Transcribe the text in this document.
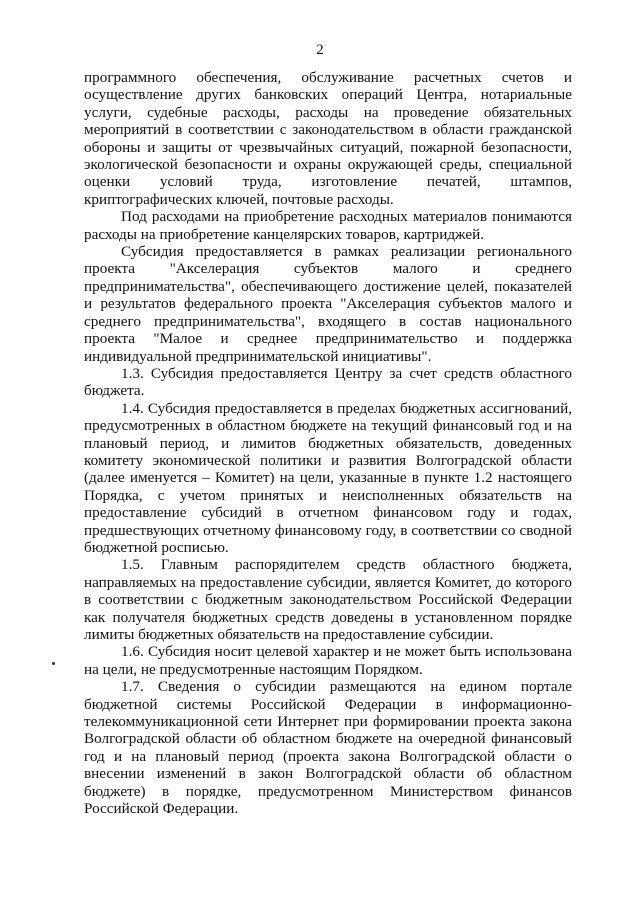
2

программного обеспечения, обслуживание расчетных счетов и осуществление других банковских операций Центра, нотариальные услуги, судебные расходы, расходы на проведение обязательных мероприятий в соответствии с законодательством в области гражданской обороны и защиты от чрезвычайных ситуаций, пожарной безопасности, экологической безопасности и охраны окружающей среды, специальной оценки условий труда, изготовление печатей, штампов, криптографических ключей, почтовые расходы.

Под расходами на приобретение расходных материалов понимаются расходы на приобретение канцелярских товаров, картриджей.

Субсидия предоставляется в рамках реализации регионального проекта "Акселерация субъектов малого и среднего предпринимательства", обеспечивающего достижение целей, показателей и результатов федерального проекта "Акселерация субъектов малого и среднего предпринимательства", входящего в состав национального проекта "Малое и среднее предпринимательство и поддержка индивидуальной предпринимательской инициативы".

1.3. Субсидия предоставляется Центру за счет средств областного бюджета.

1.4. Субсидия предоставляется в пределах бюджетных ассигнований, предусмотренных в областном бюджете на текущий финансовый год и на плановый период, и лимитов бюджетных обязательств, доведенных комитету экономической политики и развития Волгоградской области (далее именуется – Комитет) на цели, указанные в пункте 1.2 настоящего Порядка, с учетом принятых и неисполненных обязательств на предоставление субсидий в отчетном финансовом году и годах, предшествующих отчетному финансовому году, в соответствии со сводной бюджетной росписью.

1.5. Главным распорядителем средств областного бюджета, направляемых на предоставление субсидии, является Комитет, до которого в соответствии с бюджетным законодательством Российской Федерации как получателя бюджетных средств доведены в установленном порядке лимиты бюджетных обязательств на предоставление субсидии.

1.6. Субсидия носит целевой характер и не может быть использована на цели, не предусмотренные настоящим Порядком.

1.7. Сведения о субсидии размещаются на едином портале бюджетной системы Российской Федерации в информационно-телекоммуникационной сети Интернет при формировании проекта закона Волгоградской области об областном бюджете на очередной финансовый год и на плановый период (проекта закона Волгоградской области о внесении изменений в закон Волгоградской области об областном бюджете) в порядке, предусмотренном Министерством финансов Российской Федерации.
